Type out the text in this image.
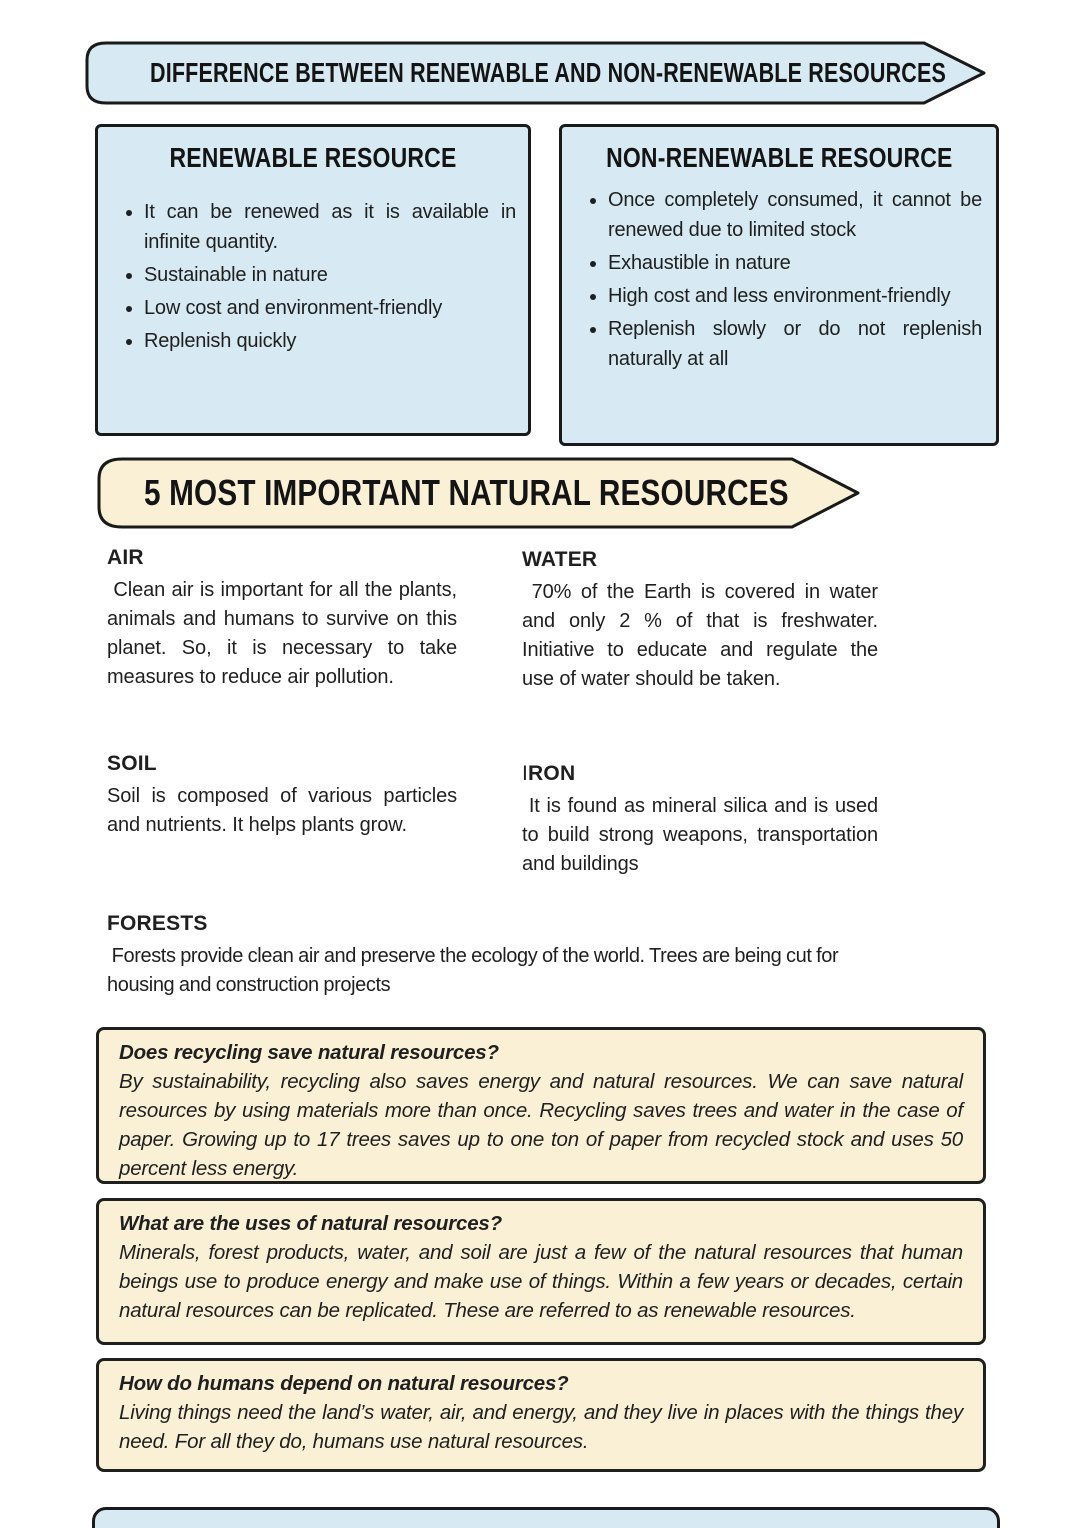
DIFFERENCE BETWEEN RENEWABLE AND NON-RENEWABLE RESOURCES
RENEWABLE RESOURCE
• It can be renewed as it is available in infinite quantity.
• Sustainable in nature
• Low cost and environment-friendly
• Replenish quickly
NON-RENEWABLE RESOURCE
• Once completely consumed, it cannot be renewed due to limited stock
• Exhaustible in nature
• High cost and less environment-friendly
• Replenish slowly or do not replenish naturally at all
5 MOST IMPORTANT NATURAL RESOURCES
AIR

Clean air is important for all the plants, animals and humans to survive on this planet. So, it is necessary to take measures to reduce air pollution.

WATER

70% of the Earth is covered in water and only 2 % of that is freshwater. Initiative to educate and regulate the use of water should be taken.

SOIL

Soil is composed of various particles and nutrients. It helps plants grow.

IRON

It is found as mineral silica and is used to build strong weapons, transportation and buildings

FORESTS

Forests provide clean air and preserve the ecology of the world. Trees are being cut for housing and construction projects

Does recycling save natural resources?

By sustainability, recycling also saves energy and natural resources. We can save natural resources by using materials more than once. Recycling saves trees and water in the case of paper. Growing up to 17 trees saves up to one ton of paper from recycled stock and uses 50 percent less energy.

What are the uses of natural resources?

Minerals, forest products, water, and soil are just a few of the natural resources that human beings use to produce energy and make use of things. Within a few years or decades, certain natural resources can be replicated. These are referred to as renewable resources.

How do humans depend on natural resources?

Living things need the land’s water, air, and energy, and they live in places with the things they need. For all they do, humans use natural resources.
